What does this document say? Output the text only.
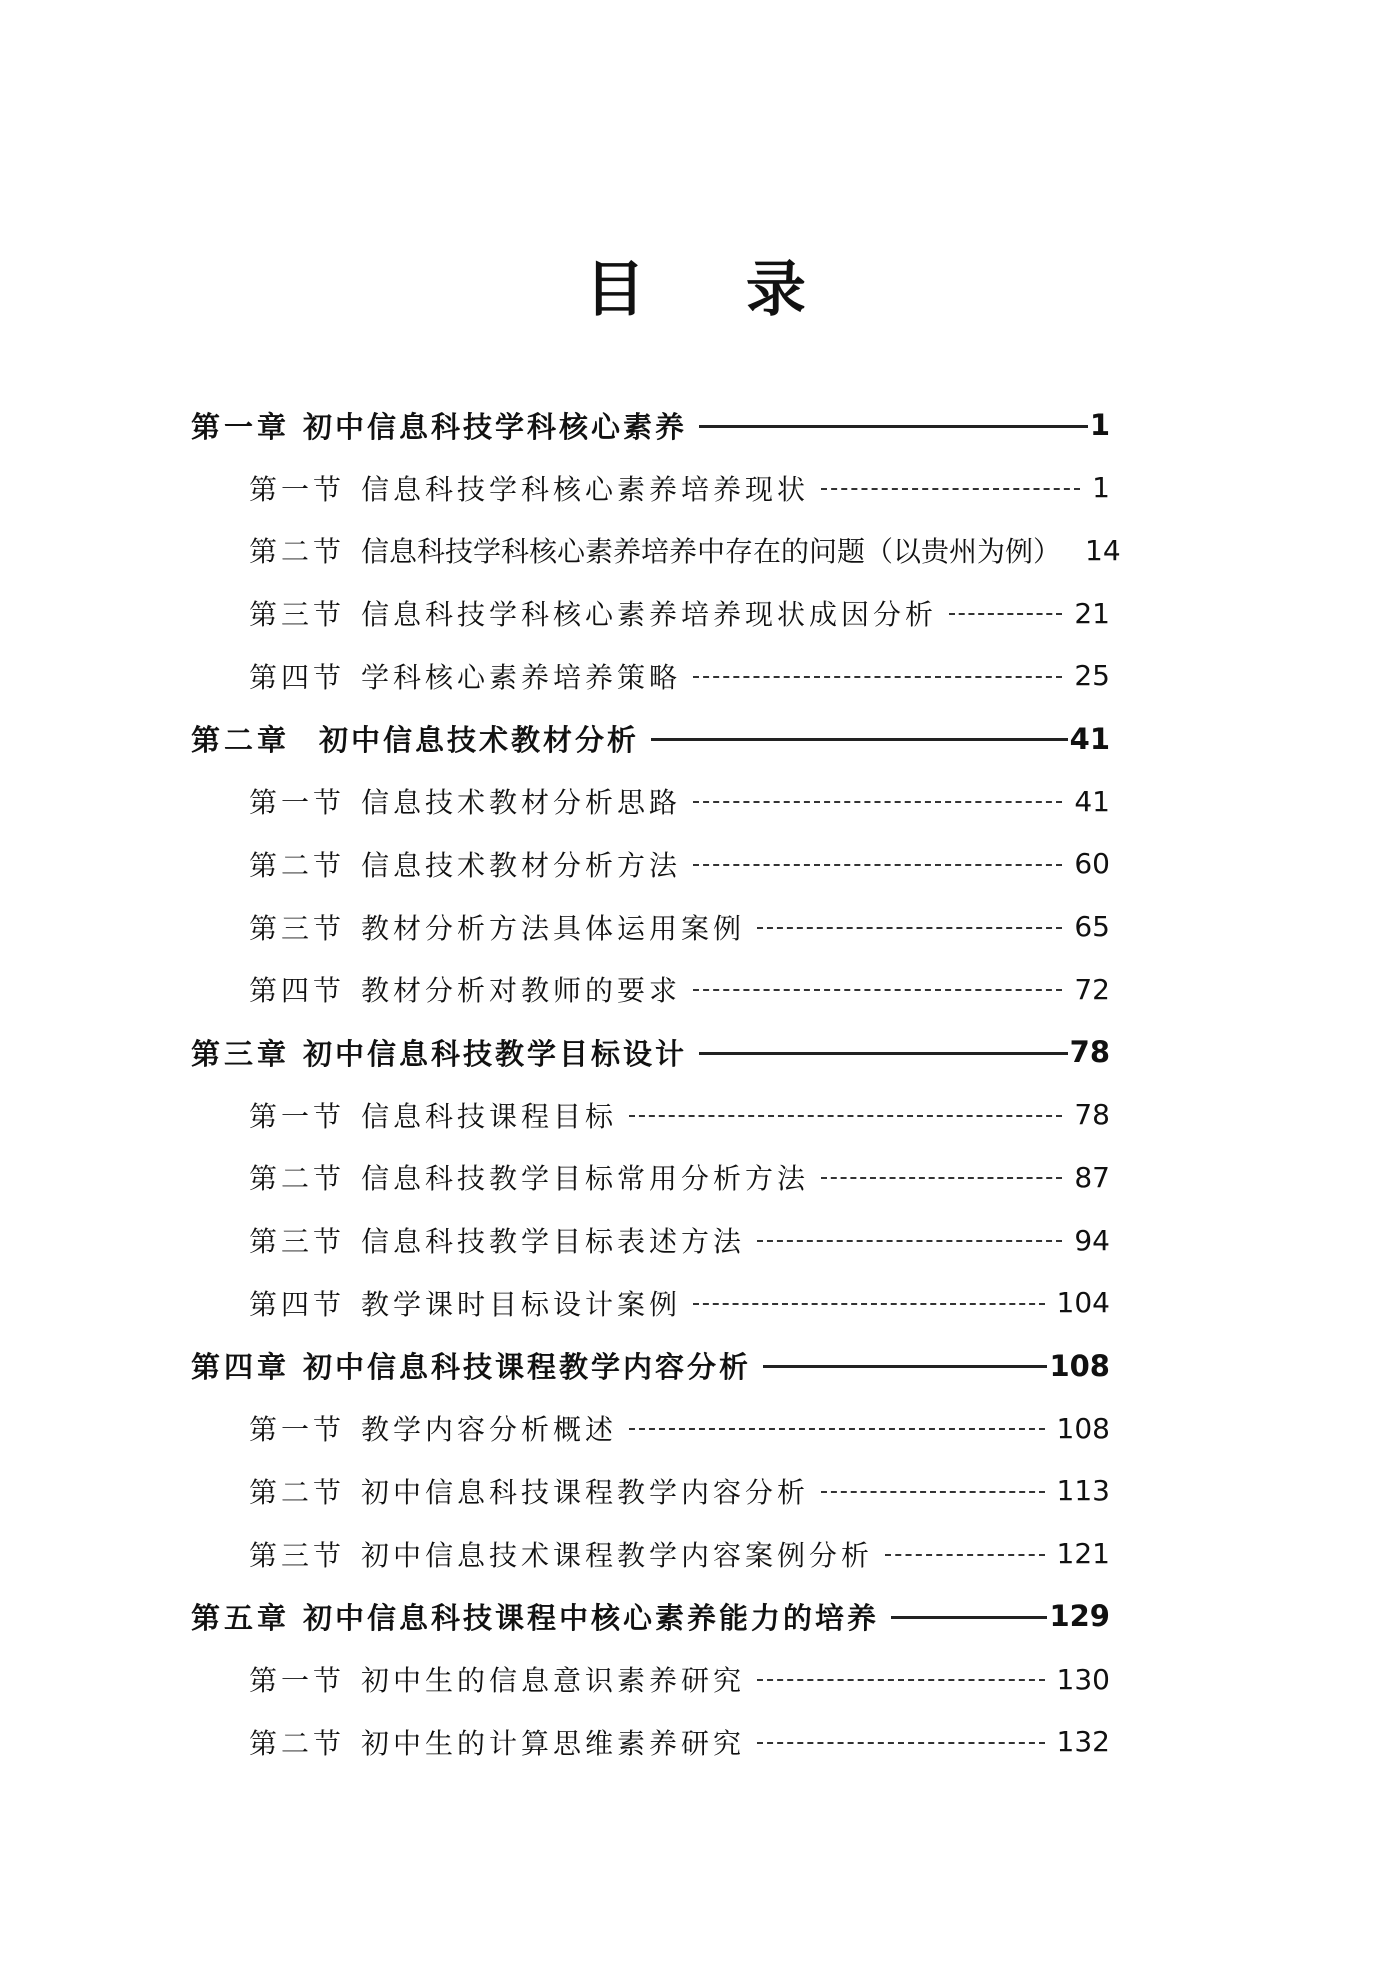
目 录
第一章 初中信息科技学科核心素养	1
第一节 信息科技学科核心素养培养现状	1
第二节 信息科技学科核心素养培养中存在的问题（以贵州为例） 14
第三节 信息科技学科核心素养培养现状成因分析	21
第四节 学科核心素养培养策略	25
第二章 初中信息技术教材分析	41
第一节 信息技术教材分析思路	41
第二节 信息技术教材分析方法	60
第三节 教材分析方法具体运用案例	65
第四节 教材分析对教师的要求	72
第三章 初中信息科技教学目标设计	78
第一节 信息科技课程目标	78
第二节 信息科技教学目标常用分析方法	87
第三节 信息科技教学目标表述方法	94
第四节 教学课时目标设计案例	104
第四章 初中信息科技课程教学内容分析	108
第一节 教学内容分析概述	108
第二节 初中信息科技课程教学内容分析	113
第三节 初中信息技术课程教学内容案例分析	121
第五章 初中信息科技课程中核心素养能力的培养	129
第一节 初中生的信息意识素养研究	130
第二节 初中生的计算思维素养研究	132
